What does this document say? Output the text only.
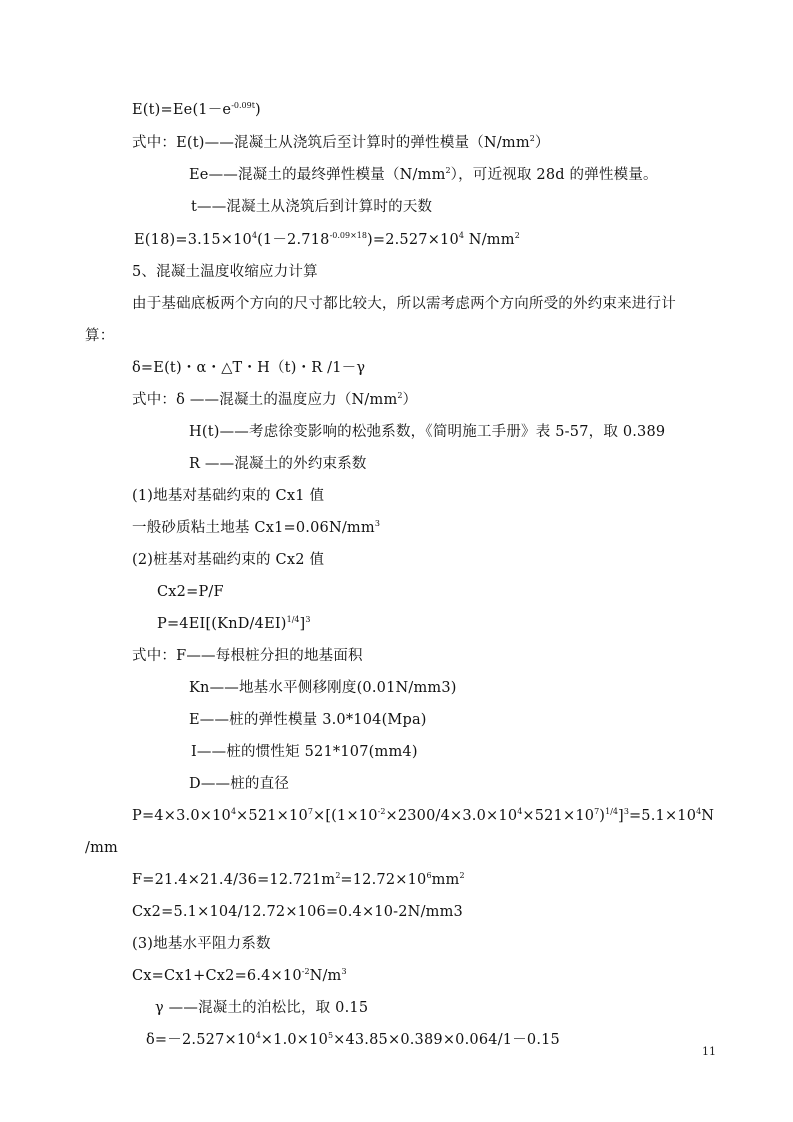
$E(t)=Ee(1-e^{-0.09t})$
式中：E(t)——混凝土从浇筑后至计算时的弹性模量$(N/mm^2)$
Ee——混凝土的最终弹性模量$(N/mm^2)$，可近视取 28d 的弹性模量。
t——混凝土从浇筑后到计算时的天数
$E(18)=3.15\times 10^4(1-2.718^{-0.09\times 18})=2.527\times 10^4$ $N/mm^2$
5、混凝土温度收缩应力计算
由于基础底板两个方向的尺寸都比较大，所以需考虑两个方向所受的外约束来进行计
算：
δ=E(t)・α・△T・H（t)・R /1－γ
式中：δ ——混凝土的温度应力$(N/mm^2)$
H(t)——考虑徐变影响的松弛系数，《简明施工手册》表 5-57，取 0.389
R ——混凝土的外约束系数
(1)地基对基础约束的 Cx1 值
一般砂质粘土地基 $Cx1=0.06N/mm^3$
(2)桩基对基础约束的 Cx2 值
Cx2=P/F
$P=4EI[(KnD/4EI)^{1/4}]^3$
式中：F——每根桩分担的地基面积
Kn——地基水平侧移刚度(0.01N/mm3)
E——桩的弹性模量 3.0*104(Mpa)
I——桩的惯性矩 521*107(mm4)
D——桩的直径
$P=4\times 3.0\times 10^4\times 521\times 10^7\times[(1\times 10^{-2}\times 2300/4\times 3.0\times 10^4\times 521\times 10^7)^{1/4}]^3=5.1\times 10^4N$
/mm
$F=21.4\times 21.4/36=12.721m^2=12.72\times 10^6mm^2$
Cx2=5.1×104/12.72×106=0.4×10-2N/mm3
(3)地基水平阻力系数
$Cx=Cx1+Cx2=6.4\times 10^{-2}N/m^3$
γ ——混凝土的泊松比，取 0.15
$\delta=-2.527\times 10^4\times 1.0\times 10^5\times 43.85\times 0.389\times 0.064/1-0.15$
11
